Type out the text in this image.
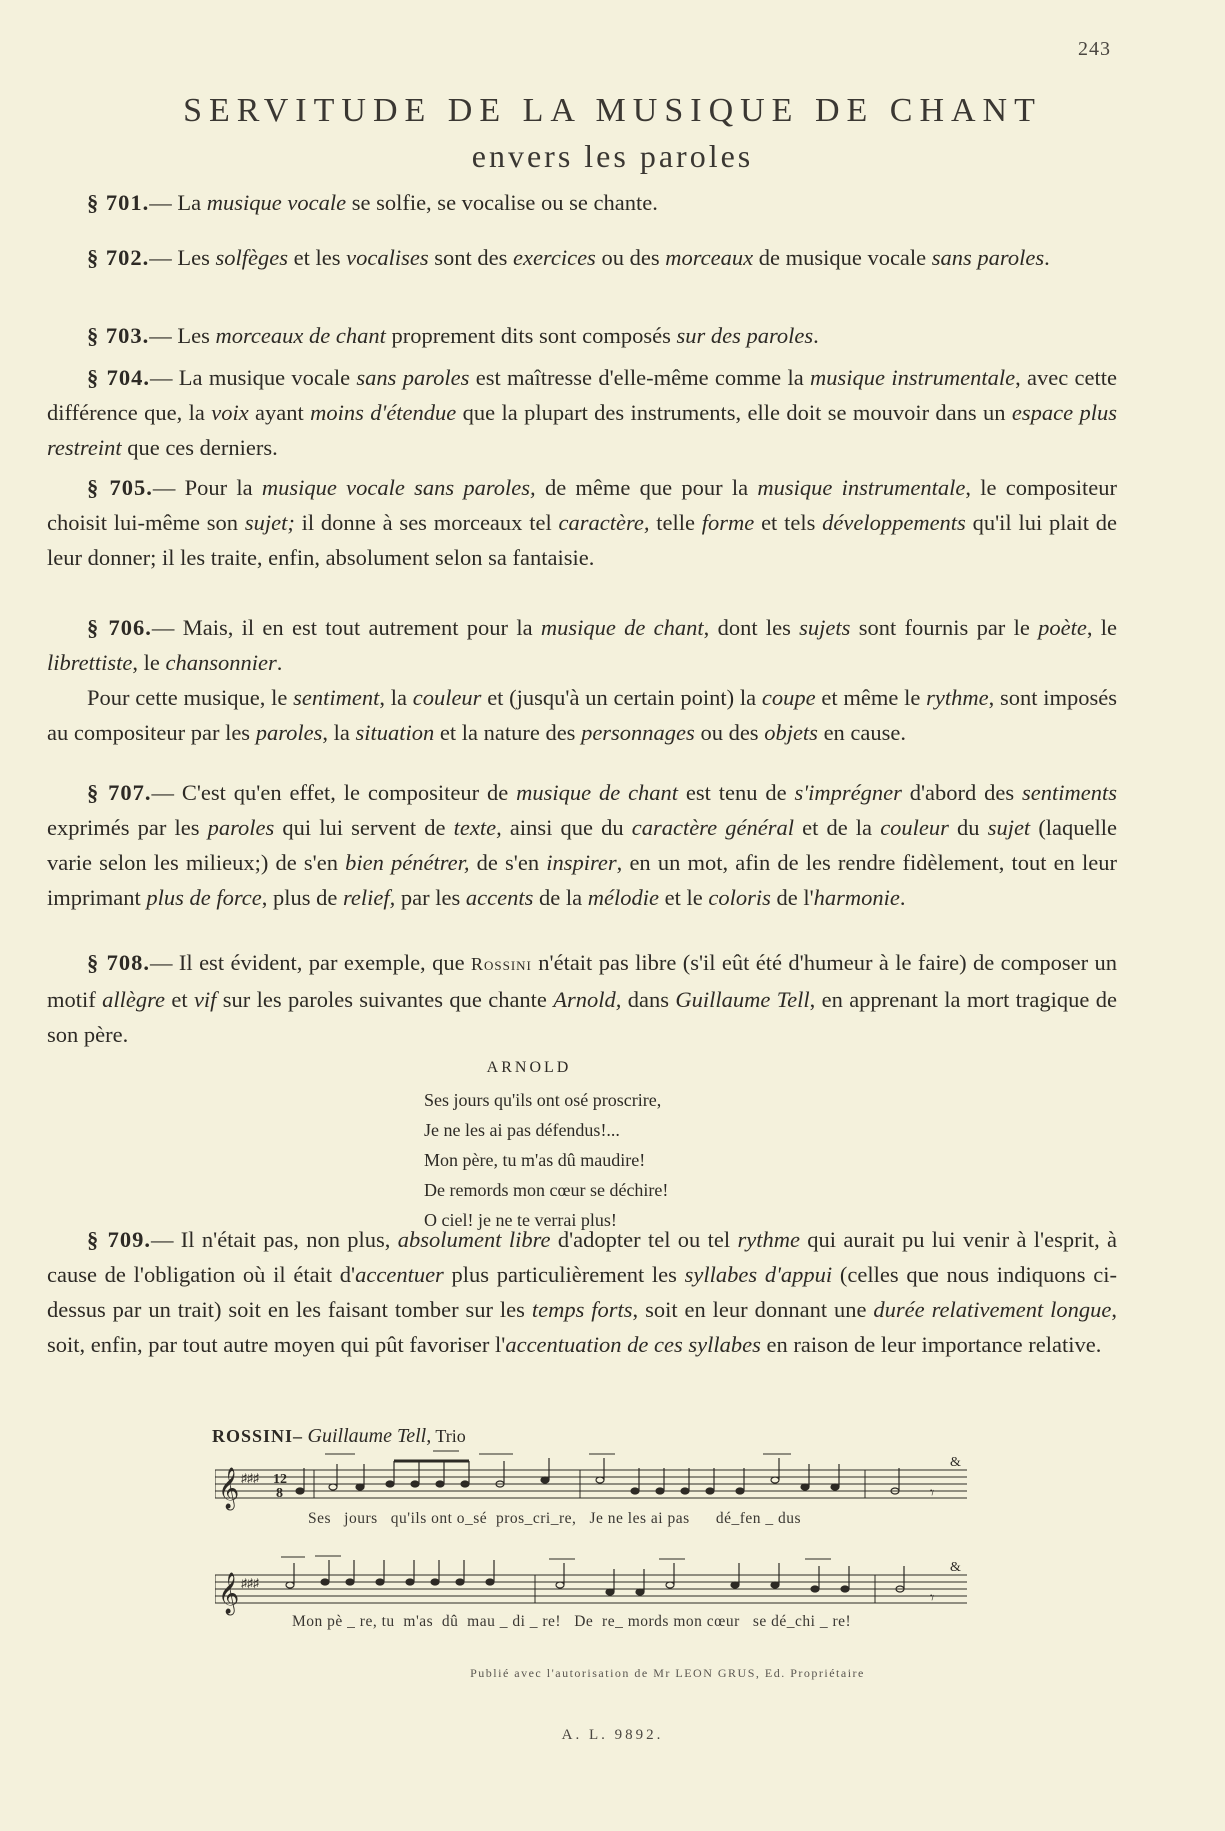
243
SERVITUDE DE LA MUSIQUE DE CHANT
envers les paroles

§ 701.— La musique vocale se solfie, se vocalise ou se chante.

§ 702.— Les solfèges et les vocalises sont des exercices ou des morceaux de musique vocale sans paroles.

§ 703.— Les morceaux de chant proprement dits sont composés sur des paroles.

§ 704.— La musique vocale sans paroles est maîtresse d'elle-même comme la musique instrumentale, avec cette différence que, la voix ayant moins d'étendue que la plupart des instruments, elle doit se mouvoir dans un espace plus restreint que ces derniers.

§ 705.— Pour la musique vocale sans paroles, de même que pour la musique instrumentale, le compositeur choisit lui-même son sujet; il donne à ses morceaux tel caractère, telle forme et tels développements qu'il lui plait de leur donner; il les traite, enfin, absolument selon sa fantaisie.

§ 706.— Mais, il en est tout autrement pour la musique de chant, dont les sujets sont fournis par le poète, le librettiste, le chansonnier.

Pour cette musique, le sentiment, la couleur et (jusqu'à un certain point) la coupe et même le rythme, sont imposés au compositeur par les paroles, la situation et la nature des personnages ou des objets en cause.

§ 707.— C'est qu'en effet, le compositeur de musique de chant est tenu de s'imprégner d'abord des sentiments exprimés par les paroles qui lui servent de texte, ainsi que du caractère général et de la couleur du sujet (laquelle varie selon les milieux;) de s'en bien pénétrer, de s'en inspirer, en un mot, afin de les rendre fidèlement, tout en leur imprimant plus de force, plus de relief, par les accents de la mélodie et le coloris de l'harmonie.

§ 708.— Il est évident, par exemple, que Rossini n'était pas libre (s'il eût été d'humeur à le faire) de composer un motif allègre et vif sur les paroles suivantes que chante Arnold, dans Guillaume Tell, en apprenant la mort tragique de son père.

ARNOLD
Ses jours qu'ils ont osé proscrire,
Je ne les ai pas défendus!...
Mon père, tu m'as dû maudire!
De remords mon cœur se déchire!
O ciel! je ne te verrai plus!

§ 709.— Il n'était pas, non plus, absolument libre d'adopter tel ou tel rythme qui aurait pu lui venir à l'esprit, à cause de l'obligation où il était d'accentuer plus particulièrement les syllabes d'appui (celles que nous indiquons ci-dessus par un trait) soit en les faisant tomber sur les temps forts, soit en leur donnant une durée relativement longue, soit, enfin, par tout autre moyen qui pût favoriser l'accentuation de ces syllabes en raison de leur importance relative.

ROSSINI– Guillaume Tell, Trio
𝄞 ♯♯♯ 12
8
&
𝄾
Ses   jours   qu'ils ont o_sé  pros_cri_re,   Je ne les ai pas      dé_fen _ dus
𝄞 ♯♯♯
&
𝄾
Mon pè _ re, tu  m'as  dû  mau _ di _ re!   De  re_ mords mon cœur   se dé_chi _ re!
Publié avec l'autorisation de Mr LEON GRUS, Ed. Propriétaire
A. L. 9892.
